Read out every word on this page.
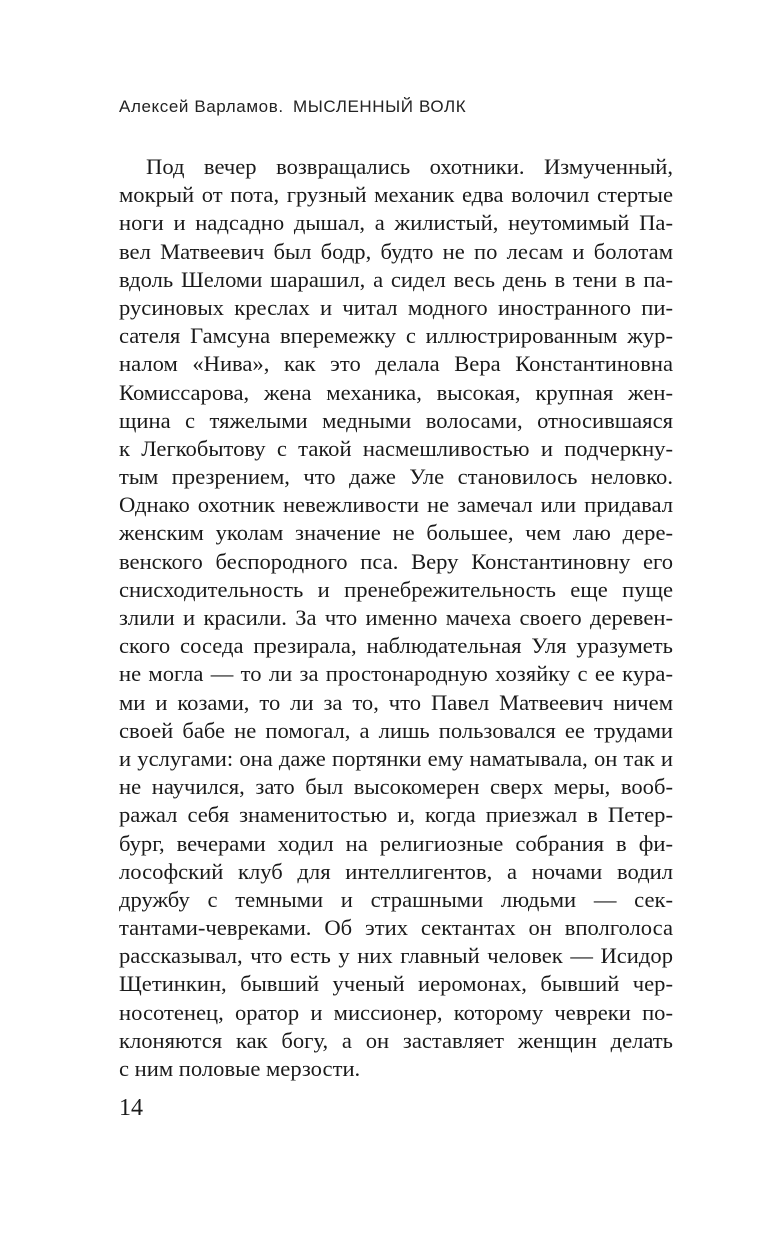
Алексей Варламов. МЫСЛЕННЫЙ ВОЛК
Под вечер возвращались охотники. Измученный,
мокрый от пота, грузный механик едва волочил стертые
ноги и надсадно дышал, а жилистый, неутомимый Па-
вел Матвеевич был бодр, будто не по лесам и болотам
вдоль Шеломи шарашил, а сидел весь день в тени в па-
русиновых креслах и читал модного иностранного пи-
сателя Гамсуна вперемежку с иллюстрированным жур-
налом «Нива», как это делала Вера Константиновна
Комиссарова, жена механика, высокая, крупная жен-
щина с тяжелыми медными волосами, относившаяся
к Легкобытову с такой насмешливостью и подчеркну-
тым презрением, что даже Уле становилось неловко.
Однако охотник невежливости не замечал или придавал
женским уколам значение не большее, чем лаю дере-
венского беспородного пса. Веру Константиновну его
снисходительность и пренебрежительность еще пуще
злили и красили. За что именно мачеха своего деревен-
ского соседа презирала, наблюдательная Уля уразуметь
не могла — то ли за простонародную хозяйку с ее кура-
ми и козами, то ли за то, что Павел Матвеевич ничем
своей бабе не помогал, а лишь пользовался ее трудами
и услугами: она даже портянки ему наматывала, он так и
не научился, зато был высокомерен сверх меры, вооб-
ражал себя знаменитостью и, когда приезжал в Петер-
бург, вечерами ходил на религиозные собрания в фи-
лософский клуб для интеллигентов, а ночами водил
дружбу с темными и страшными людьми — сек-
тантами-чевреками. Об этих сектантах он вполголоса
рассказывал, что есть у них главный человек — Исидор
Щетинкин, бывший ученый иеромонах, бывший чер-
носотенец, оратор и миссионер, которому чевреки по-
клоняются как богу, а он заставляет женщин делать
с ним половые мерзости.
14
